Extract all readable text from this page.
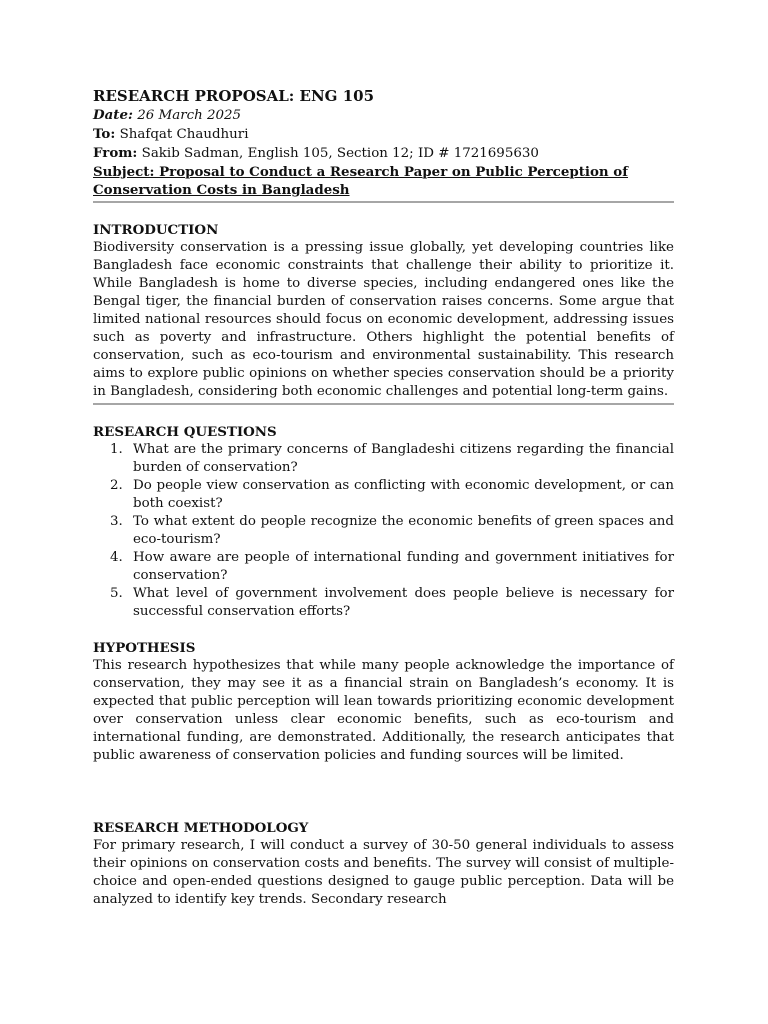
RESEARCH PROPOSAL: ENG 105

Date: 26 March 2025

To: Shafqat Chaudhuri

From: Sakib Sadman, English 105, Section 12; ID # 1721695630

Subject: Proposal to Conduct a Research Paper on Public Perception of Conservation Costs in Bangladesh

INTRODUCTION

Biodiversity conservation is a pressing issue globally, yet developing countries like Bangladesh face economic constraints that challenge their ability to prioritize it. While Bangladesh is home to diverse species, including endangered ones like the Bengal tiger, the financial burden of conservation raises concerns. Some argue that limited national resources should focus on economic development, addressing issues such as poverty and infrastructure. Others highlight the potential benefits of conservation, such as eco-tourism and environmental sustainability. This research aims to explore public opinions on whether species conservation should be a priority in Bangladesh, considering both economic challenges and potential long-term gains.

RESEARCH QUESTIONS

What are the primary concerns of Bangladeshi citizens regarding the financial burden of conservation?
Do people view conservation as conflicting with economic development, or can both coexist?
To what extent do people recognize the economic benefits of green spaces and eco-tourism?
How aware are people of international funding and government initiatives for conservation?
What level of government involvement does people believe is necessary for successful conservation efforts?

HYPOTHESIS

This research hypothesizes that while many people acknowledge the importance of conservation, they may see it as a financial strain on Bangladesh’s economy. It is expected that public perception will lean towards prioritizing economic development over conservation unless clear economic benefits, such as eco-tourism and international funding, are demonstrated. Additionally, the research anticipates that public awareness of conservation policies and funding sources will be limited.

RESEARCH METHODOLOGY

For primary research, I will conduct a survey of 30-50 general individuals to assess their opinions on conservation costs and benefits. The survey will consist of multiple-choice and open-ended questions designed to gauge public perception. Data will be analyzed to identify key trends. Secondary research
